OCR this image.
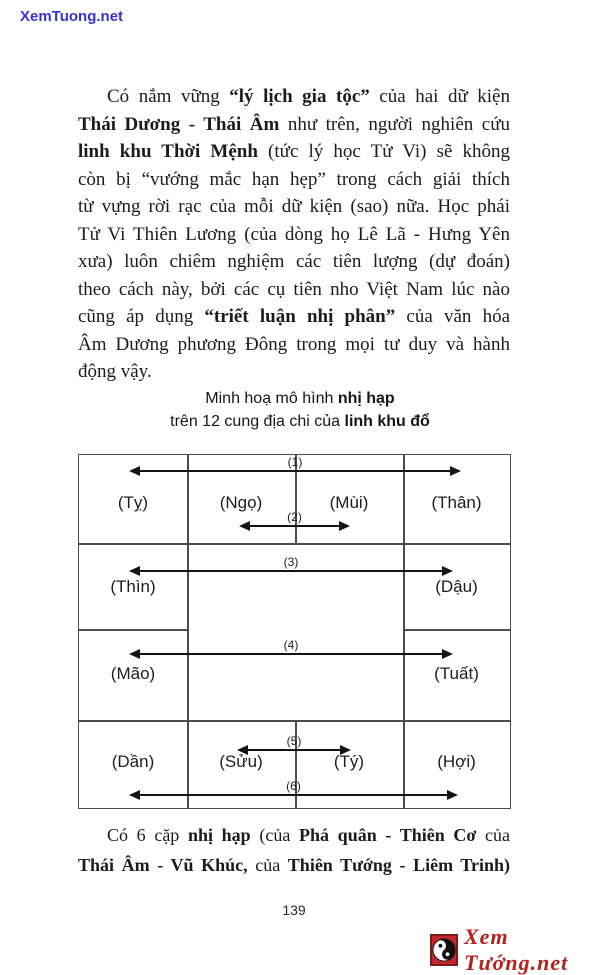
XemTuong.net
Có nắm vững “lý lịch gia tộc” của hai dữ kiện
Thái Dương - Thái Âm như trên, người nghiên cứu
linh khu Thời Mệnh (tức lý học Tử Vi) sẽ không
còn bị “vướng mắc hạn hẹp” trong cách giải thích
từ vựng rời rạc của mỗi dữ kiện (sao) nữa. Học phái
Tử Vi Thiên Lương (của dòng họ Lê Lã - Hưng Yên
xưa) luôn chiêm nghiệm các tiên lượng (dự đoán)
theo cách này, bởi các cụ tiên nho Việt Nam lúc nào
cũng áp dụng “triết luận nhị phân” của văn hóa
Âm Dương phương Đông trong mọi tư duy và hành
động vậy.
Minh hoạ mô hình nhị hạp
trên 12 cung địa chi của linh khu đổ
(Tỵ)	(Ngọ)	(Mùi)	(Thân)
(Thìn)	(Dậu)
(Mão)	(Tuất)
(Dần)	(Sửu)	(Tý)	(Hợi)
(1)
(2)
(3)
(4)
(5)
(6)
Có 6 cặp nhị hạp (của Phá quân - Thiên Cơ của
Thái Âm - Vũ Khúc, của Thiên Tướng - Liêm Trinh)
139
Xem Tướng.net
